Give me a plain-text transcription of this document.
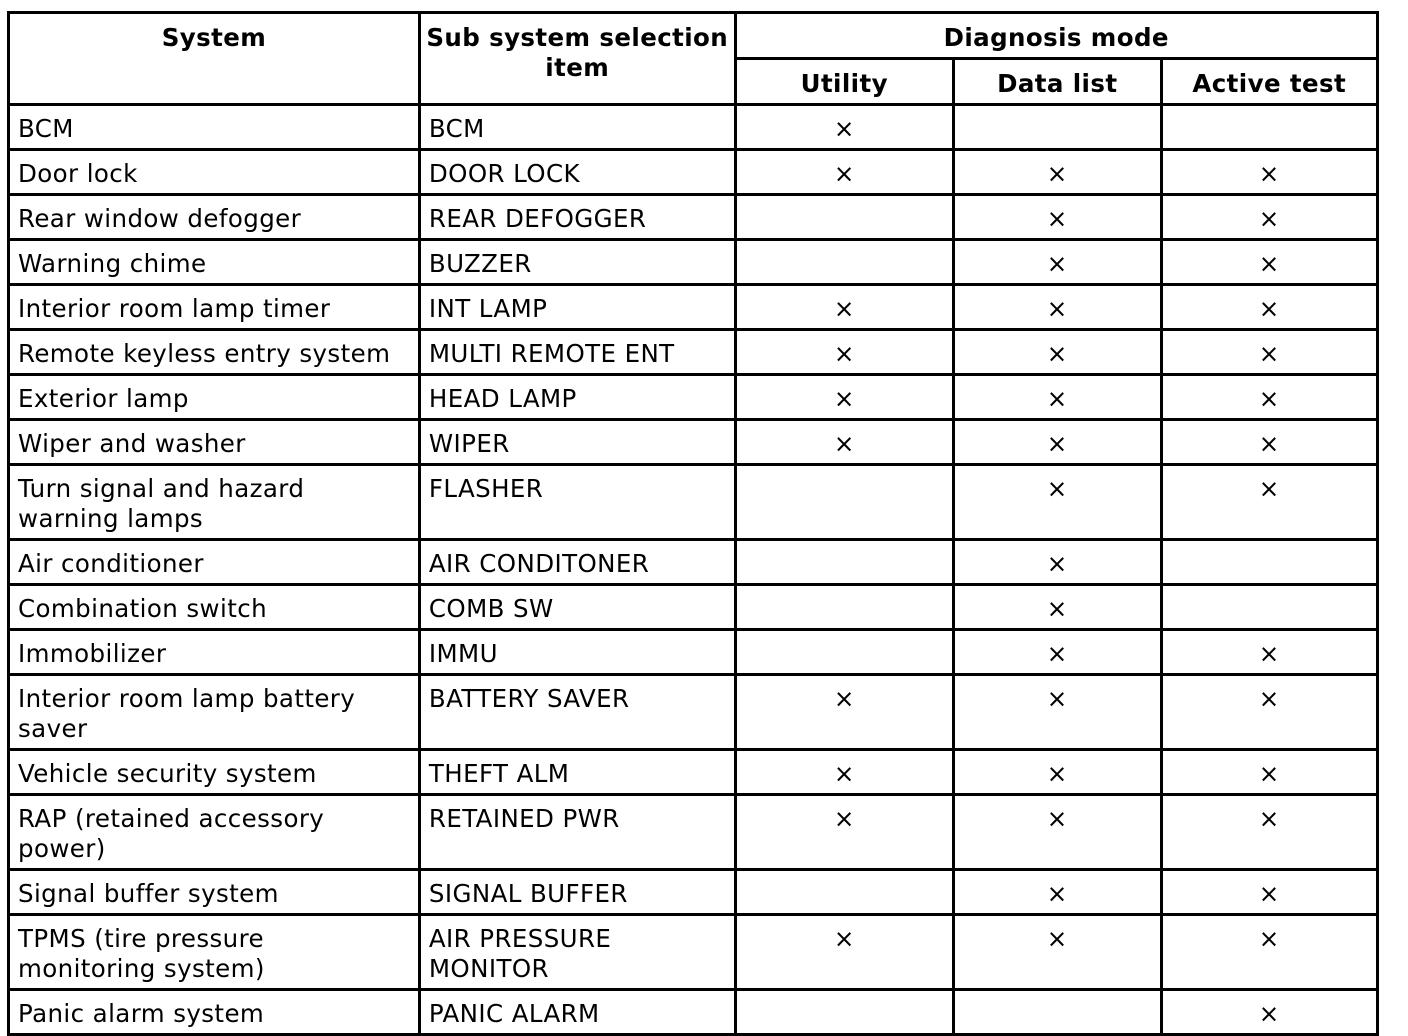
System	Sub system selection item	Diagnosis mode		
		Utility	Data list	Active test
BCM	BCM	×		
Door lock	DOOR LOCK	×	×	×
Rear window defogger	REAR DEFOGGER		×	×
Warning chime	BUZZER		×	×
Interior room lamp timer	INT LAMP	×	×	×
Remote keyless entry system	MULTI REMOTE ENT	×	×	×
Exterior lamp	HEAD LAMP	×	×	×
Wiper and washer	WIPER	×	×	×
Turn signal and hazard warning lamps	FLASHER		×	×
Air conditioner	AIR CONDITONER		×	
Combination switch	COMB SW		×	
Immobilizer	IMMU		×	×
Interior room lamp battery saver	BATTERY SAVER	×	×	×
Vehicle security system	THEFT ALM	×	×	×
RAP (retained accessory power)	RETAINED PWR	×	×	×
Signal buffer system	SIGNAL BUFFER		×	×
TPMS (tire pressure monitoring system)	AIR PRESSURE MONITOR	×	×	×
Panic alarm system	PANIC ALARM			×
